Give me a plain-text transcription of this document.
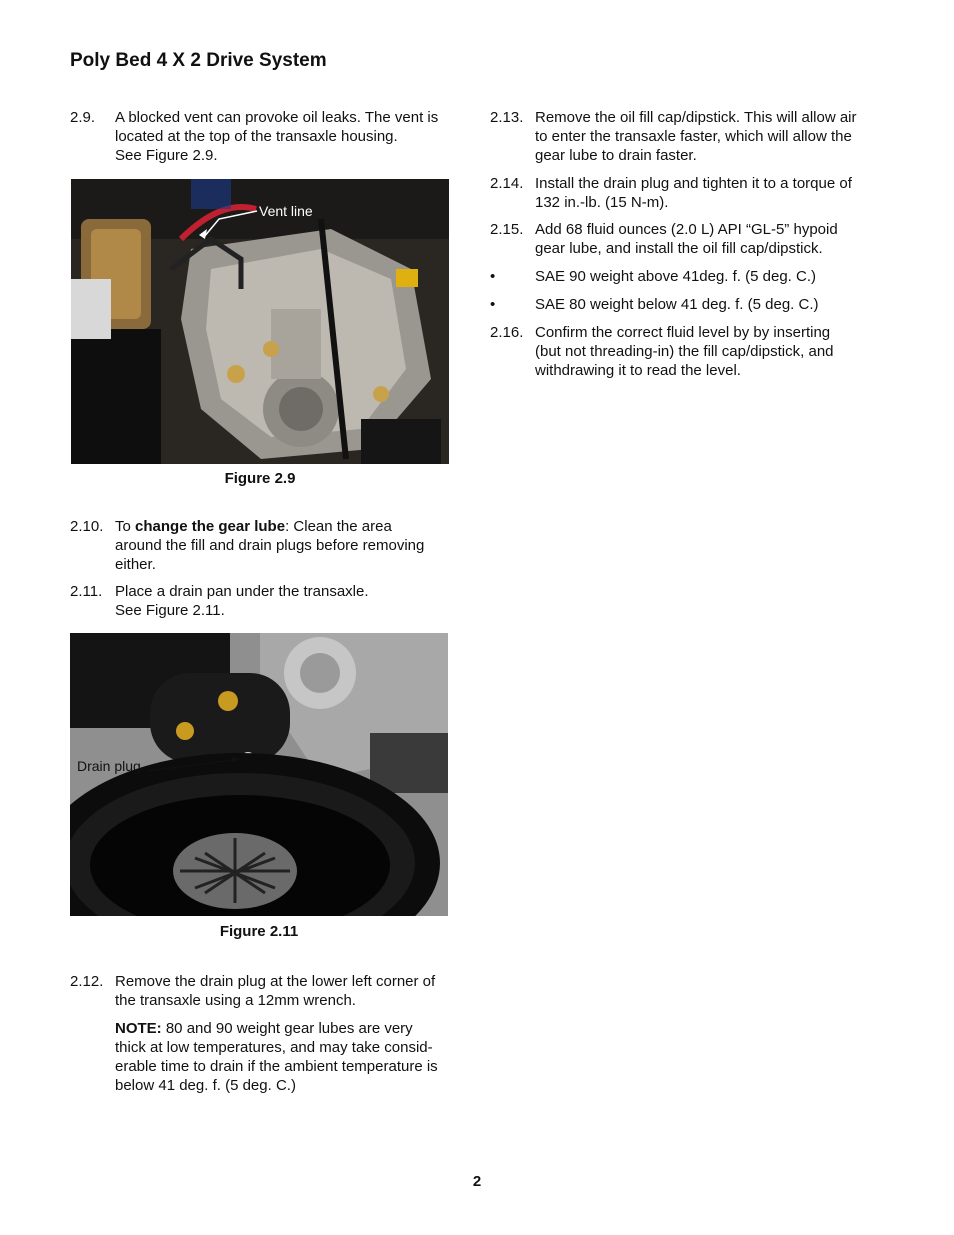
Poly Bed 4 X 2 Drive System
2.9. A blocked vent can provoke oil leaks. The vent is
located at the top of the transaxle housing.
See Figure 2.9.
Vent line
Figure 2.9
2.10. To change the gear lube: Clean the area
around the fill and drain plugs before removing
either.
2.11. Place a drain pan under the transaxle.
See Figure 2.11.
Drain plug
Figure 2.11
2.12. Remove the drain plug at the lower left corner of
the transaxle using a 12mm wrench.
NOTE: 80 and 90 weight gear lubes are very
thick at low temperatures, and may take consid-
erable time to drain if the ambient temperature is
below 41 deg. f. (5 deg. C.)
2.13. Remove the oil fill cap/dipstick. This will allow air
to enter the transaxle faster, which will allow the
gear lube to drain faster.
2.14. Install the drain plug and tighten it to a torque of
132 in.-lb. (15 N-m).
2.15. Add 68 fluid ounces (2.0 L) API “GL-5” hypoid
gear lube, and install the oil fill cap/dipstick.
•	SAE 90 weight above 41deg. f. (5 deg. C.)
•	SAE 80 weight below 41 deg. f. (5 deg. C.)
2.16. Confirm the correct fluid level by by inserting
(but not threading-in) the fill cap/dipstick, and
withdrawing it to read the level.
2
